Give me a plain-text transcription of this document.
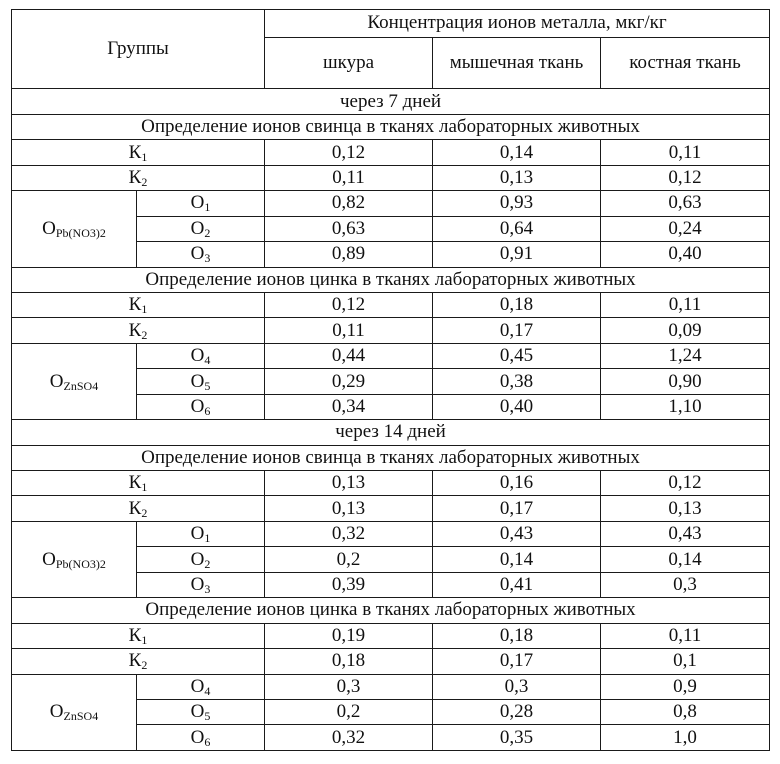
Группы		Концентрация ионов металла, мкг/кг		
		шкура	мышечная ткань	костная ткань
через 7 дней				
Определение ионов свинца в тканях лабораторных животных				
$К_1$		0,12	0,14	0,11
$К_2$		0,11	0,13	0,12
$O_{Pb(NO3)2}$	$О_1$	0,82	0,93	0,63
	$О_2$	0,63	0,64	0,24
	$О_3$	0,89	0,91	0,40
Определение ионов цинка в тканях лабораторных животных				
$К_1$		0,12	0,18	0,11
$К_2$		0,11	0,17	0,09
$O_{ZnSO4}$	$О_4$	0,44	0,45	1,24
	$О_5$	0,29	0,38	0,90
	$О_6$	0,34	0,40	1,10
через 14 дней				
Определение ионов свинца в тканях лабораторных животных				
$К_1$		0,13	0,16	0,12
$К_2$		0,13	0,17	0,13
$O_{Pb(NO3)2}$	$О_1$	0,32	0,43	0,43
	$О_2$	0,2	0,14	0,14
	$О_3$	0,39	0,41	0,3
Определение ионов цинка в тканях лабораторных животных				
$К_1$		0,19	0,18	0,11
$К_2$		0,18	0,17	0,1
$O_{ZnSO4}$	$О_4$	0,3	0,3	0,9
	$О_5$	0,2	0,28	0,8
	$О_6$	0,32	0,35	1,0
